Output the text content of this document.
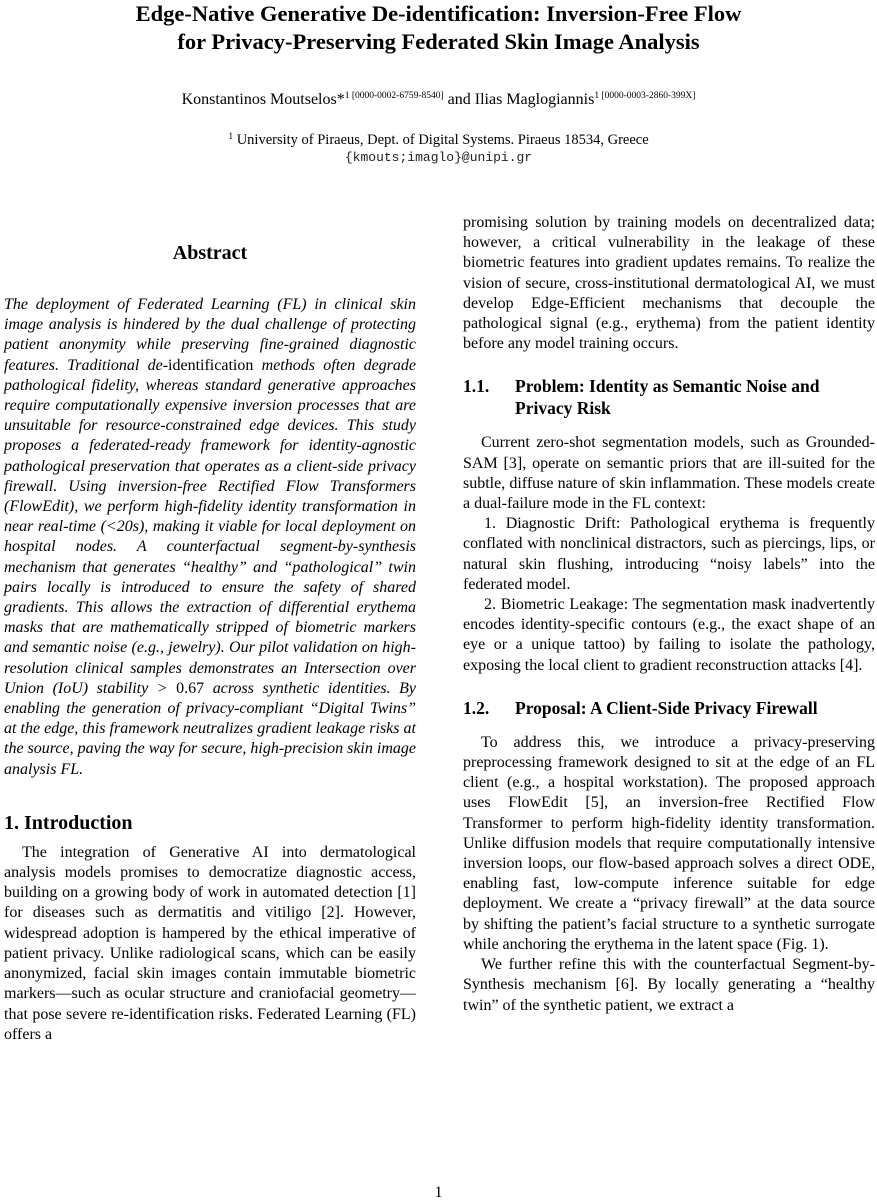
Edge-Native Generative De-identification: Inversion-Free Flow
for Privacy-Preserving Federated Skin Image Analysis
Konstantinos Moutselos*$^{1 [0000-0002-6759-8540]}$ and Ilias Maglogiannis$^{1 [0000-0003-2860-399X]}$
$^1$ University of Piraeus, Dept. of Digital Systems. Piraeus 18534, Greece
{kmouts;imaglo}@unipi.gr
Abstract

The deployment of Federated Learning (FL) in clinical skin image analysis is hindered by the dual challenge of protecting patient anonymity while preserving fine-grained diagnostic features. Traditional de-identification methods often degrade pathological fidelity, whereas standard generative approaches require computationally expensive inversion processes that are unsuitable for resource-constrained edge devices. This study proposes a federated-ready framework for identity-agnostic pathological preservation that operates as a client-side privacy firewall. Using inversion-free Rectified Flow Transformers (FlowEdit), we perform high-fidelity identity transformation in near real-time (<20s), making it viable for local deployment on hospital nodes. A counterfactual segment-by-synthesis mechanism that generates “healthy” and “pathological” twin pairs locally is introduced to ensure the safety of shared gradients. This allows the extraction of differential erythema masks that are mathematically stripped of biometric markers and semantic noise (e.g., jewelry). Our pilot validation on high-resolution clinical samples demonstrates an Intersection over Union (IoU) stability > 0.67 across synthetic identities. By enabling the generation of privacy-compliant “Digital Twins” at the edge, this framework neutralizes gradient leakage risks at the source, paving the way for secure, high-precision skin image analysis FL.

1. Introduction

The integration of Generative AI into dermatological analysis models promises to democratize diagnostic access, building on a growing body of work in automated detection [1] for diseases such as dermatitis and vitiligo [2]. However, widespread adoption is hampered by the ethical imperative of patient privacy. Unlike radiological scans, which can be easily anonymized, facial skin images contain immutable biometric markers—such as ocular structure and craniofacial geometry—that pose severe re-identification risks. Federated Learning (FL) offers a

promising solution by training models on decentralized data; however, a critical vulnerability in the leakage of these biometric features into gradient updates remains. To realize the vision of secure, cross-institutional dermatological AI, we must develop Edge-Efficient mechanisms that decouple the pathological signal (e.g., erythema) from the patient identity before any model training occurs.

1.1. Problem: Identity as Semantic Noise and
Privacy Risk

Current zero-shot segmentation models, such as Grounded-SAM [3], operate on semantic priors that are ill-suited for the subtle, diffuse nature of skin inflammation. These models create a dual-failure mode in the FL context:

1. Diagnostic Drift: Pathological erythema is frequently conflated with nonclinical distractors, such as piercings, lips, or natural skin flushing, introducing “noisy labels” into the federated model.

2. Biometric Leakage: The segmentation mask inadvertently encodes identity-specific contours (e.g., the exact shape of an eye or a unique tattoo) by failing to isolate the pathology, exposing the local client to gradient reconstruction attacks [4].

1.2. Proposal: A Client-Side Privacy Firewall

To address this, we introduce a privacy-preserving preprocessing framework designed to sit at the edge of an FL client (e.g., a hospital workstation). The proposed approach uses FlowEdit [5], an inversion-free Rectified Flow Transformer to perform high-fidelity identity transformation. Unlike diffusion models that require computationally intensive inversion loops, our flow-based approach solves a direct ODE, enabling fast, low-compute inference suitable for edge deployment. We create a “privacy firewall” at the data source by shifting the patient’s facial structure to a synthetic surrogate while anchoring the erythema in the latent space (Fig. 1).

We further refine this with the counterfactual Segment-by-Synthesis mechanism [6]. By locally generating a “healthy twin” of the synthetic patient, we extract a

1
